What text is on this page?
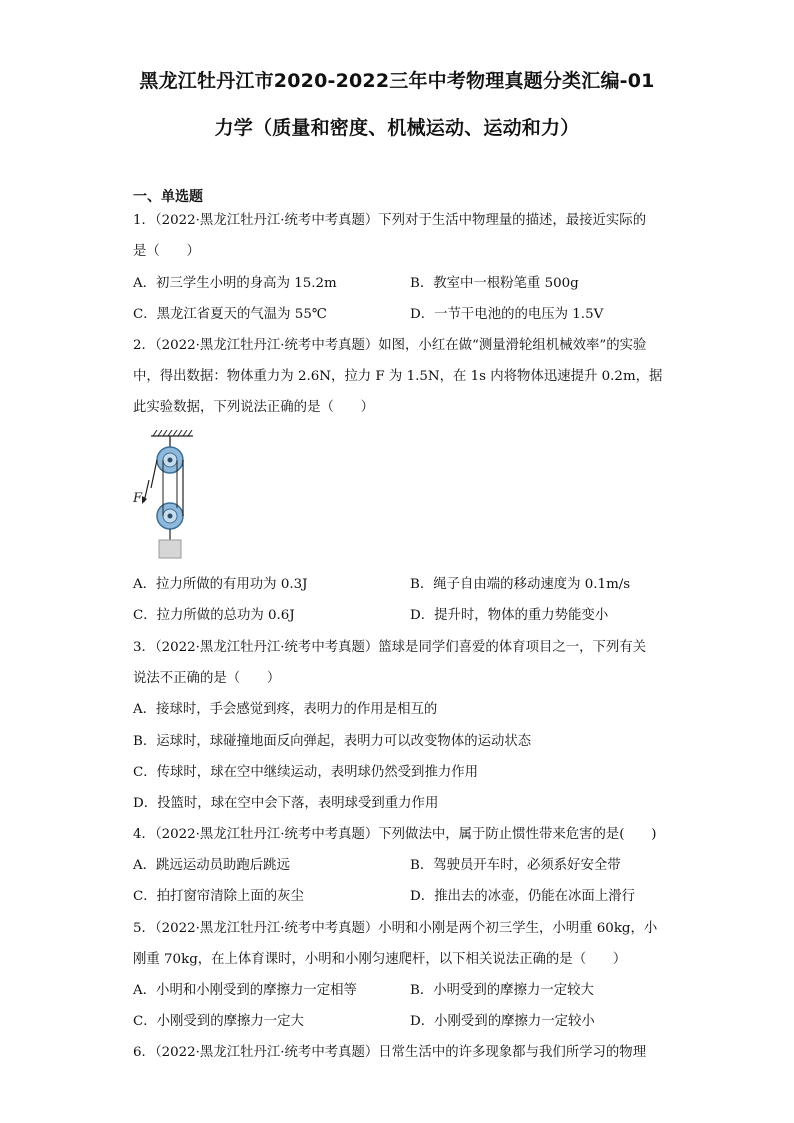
黑龙江牡丹江市2020-2022三年中考物理真题分类汇编-01
力学（质量和密度、机械运动、运动和力）
一、单选题
1．（2022·黑龙江牡丹江·统考中考真题）下列对于生活中物理量的描述，最接近实际的
是（　　）
A．初三学生小明的身高为 15.2m	B．教室中一根粉笔重 500g
C．黑龙江省夏天的气温为 55℃	D．一节干电池的的电压为 1.5V
2．（2022·黑龙江牡丹江·统考中考真题）如图，小红在做“测量滑轮组机械效率”的实验
中，得出数据：物体重力为 2.6N，拉力 F 为 1.5N，在 1s 内将物体迅速提升 0.2m，据
此实验数据，下列说法正确的是（　　）
F
A．拉力所做的有用功为 0.3J	B．绳子自由端的移动速度为 0.1m/s
C．拉力所做的总功为 0.6J	D．提升时，物体的重力势能变小
3．（2022·黑龙江牡丹江·统考中考真题）篮球是同学们喜爱的体育项目之一，下列有关
说法不正确的是（　　）
A．接球时，手会感觉到疼，表明力的作用是相互的
B．运球时，球碰撞地面反向弹起，表明力可以改变物体的运动状态
C．传球时，球在空中继续运动，表明球仍然受到推力作用
D．投篮时，球在空中会下落，表明球受到重力作用
4．（2022·黑龙江牡丹江·统考中考真题）下列做法中，属于防止惯性带来危害的是(　　)
A．跳远运动员助跑后跳远	B．驾驶员开车时，必须系好安全带
C．拍打窗帘清除上面的灰尘	D．推出去的冰壶，仍能在冰面上滑行
5．（2022·黑龙江牡丹江·统考中考真题）小明和小刚是两个初三学生，小明重 60kg，小
刚重 70kg，在上体育课时，小明和小刚匀速爬杆，以下相关说法正确的是（　　）
A．小明和小刚受到的摩擦力一定相等	B．小明受到的摩擦力一定较大
C．小刚受到的摩擦力一定大	D．小刚受到的摩擦力一定较小
6．（2022·黑龙江牡丹江·统考中考真题）日常生活中的许多现象都与我们所学习的物理
